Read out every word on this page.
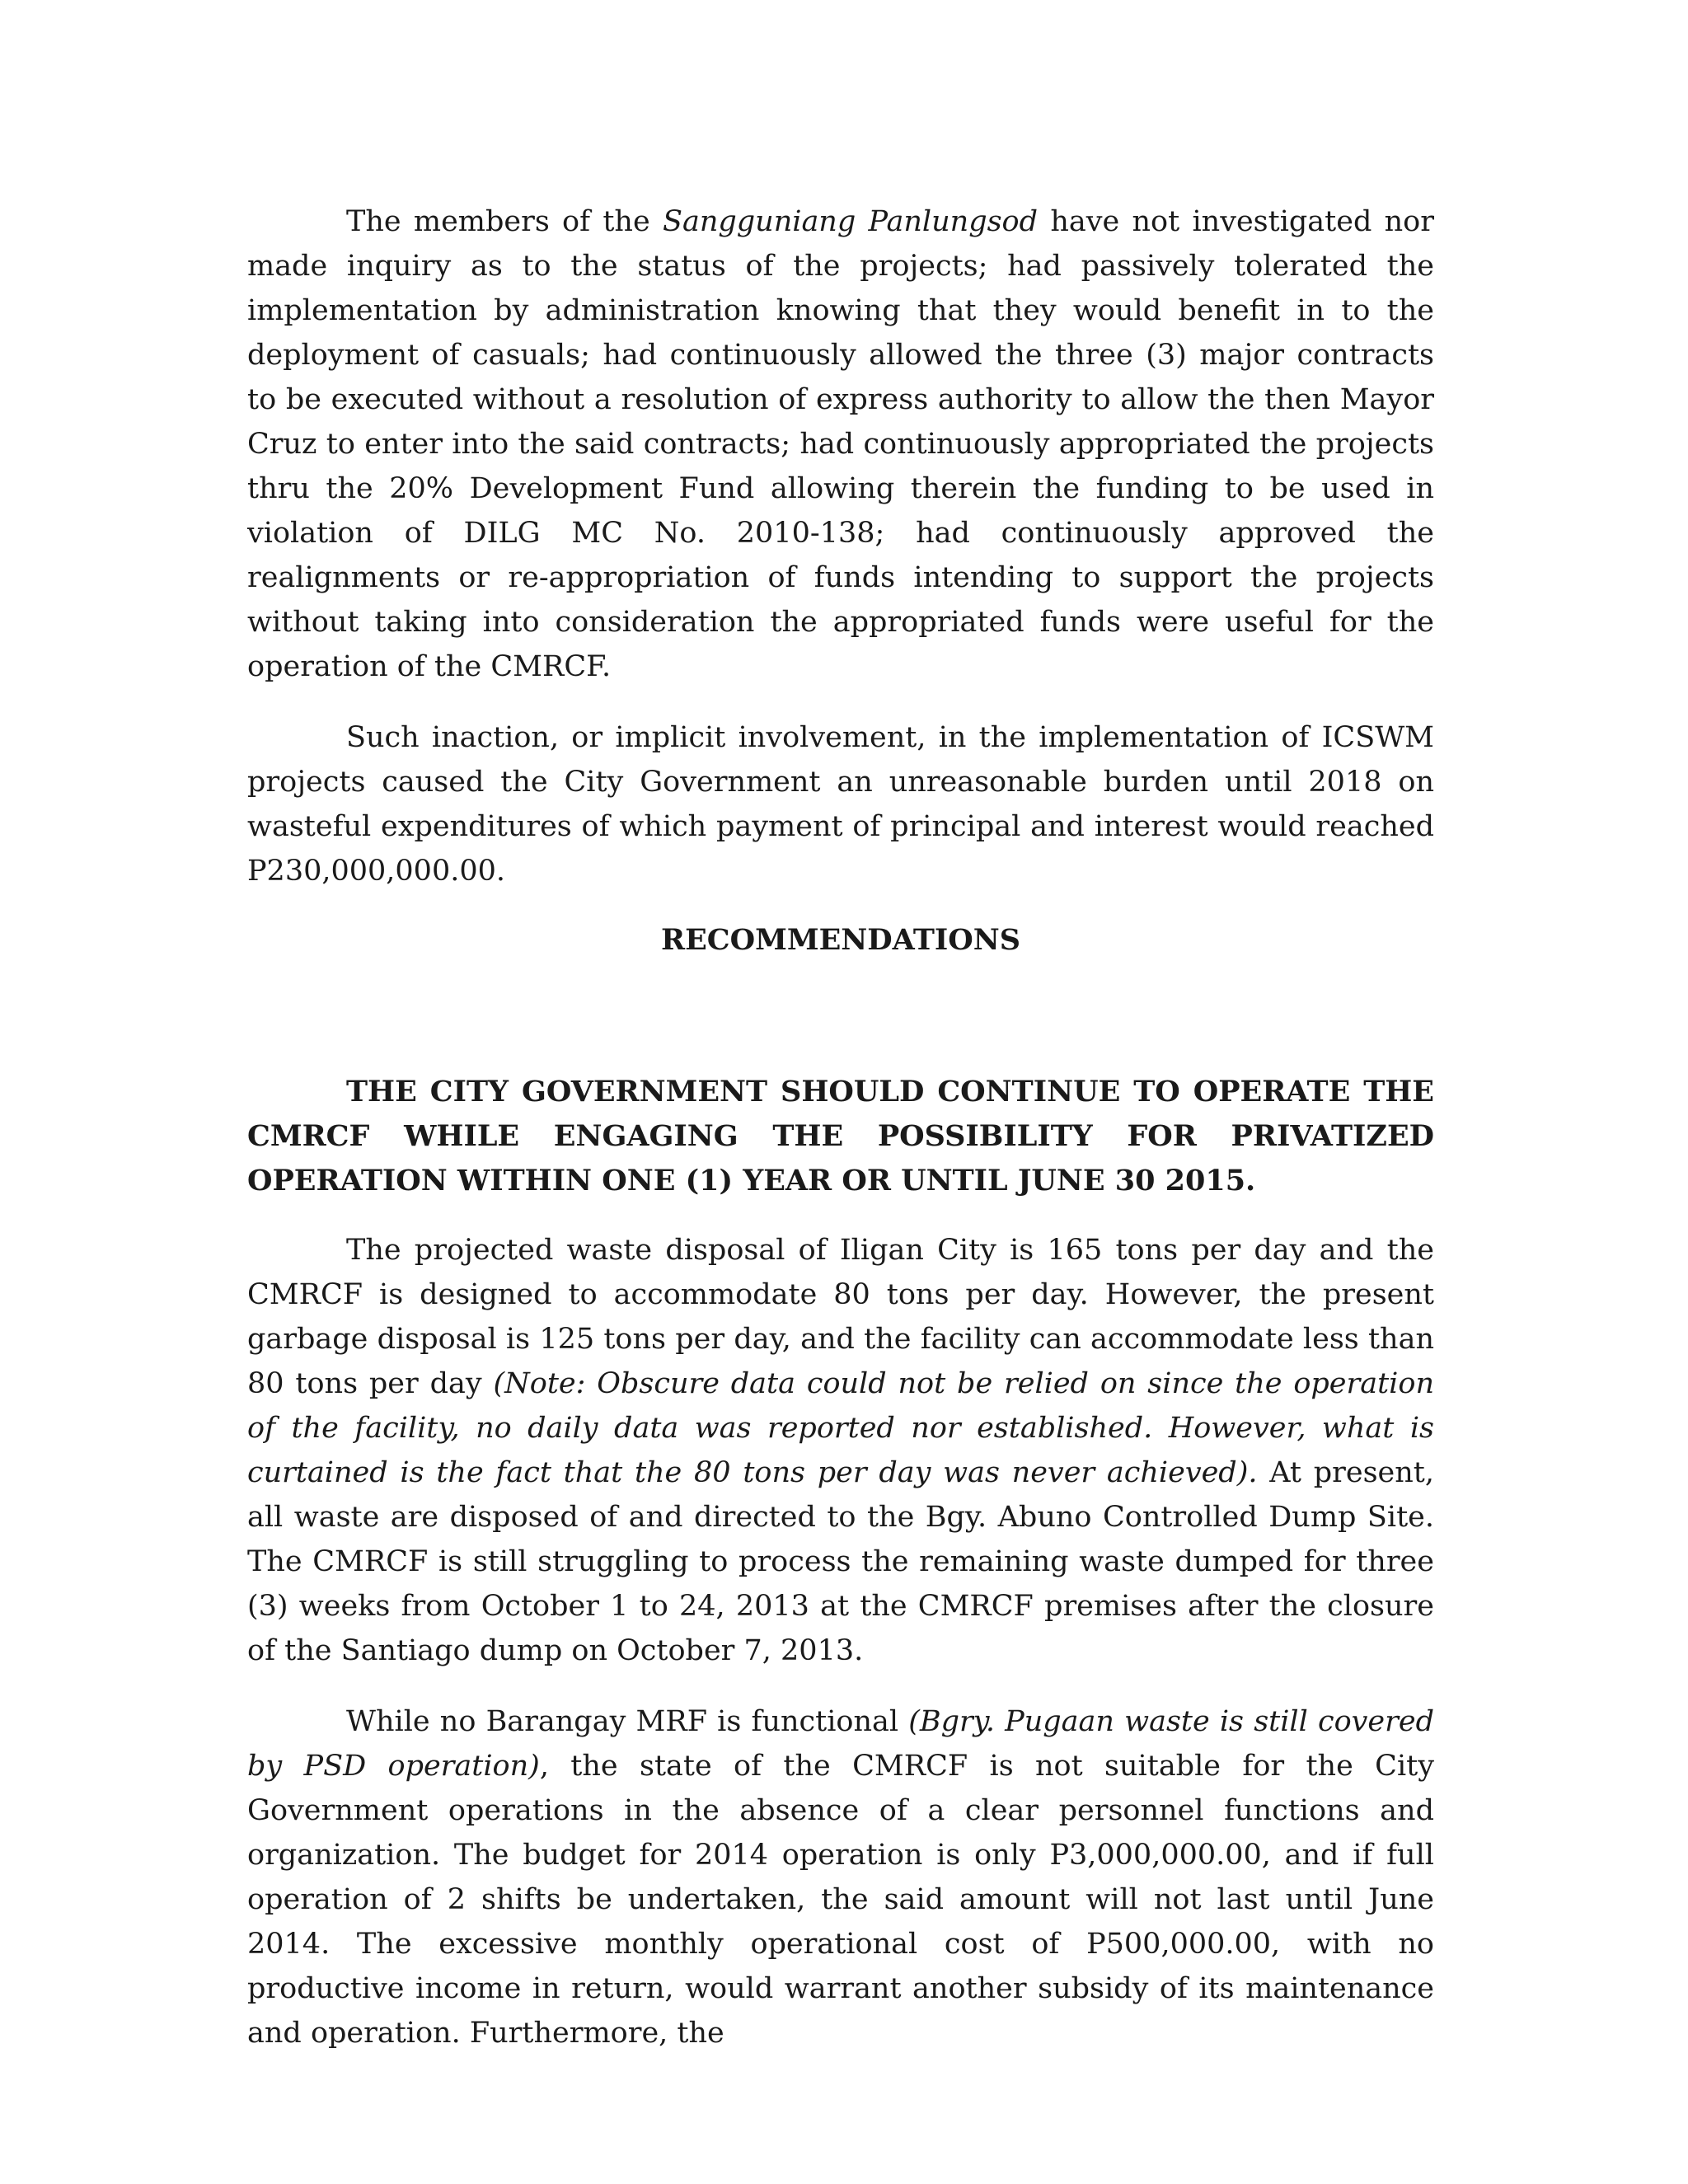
The members of the Sangguniang Panlungsod have not investigated nor made inquiry as to the status of the projects; had passively tolerated the implementation by administration knowing that they would benefit in to the deployment of casuals; had continuously allowed the three (3) major contracts to be executed without a resolution of express authority to allow the then Mayor Cruz to enter into the said contracts; had continuously appropriated the projects thru the 20% Development Fund allowing therein the funding to be used in violation of DILG MC No. 2010-138; had continuously approved the realignments or re-appropriation of funds intending to support the projects without taking into consideration the appropriated funds were useful for the operation of the CMRCF.

Such inaction, or implicit involvement, in the implementation of ICSWM projects caused the City Government an unreasonable burden until 2018 on wasteful expenditures of which payment of principal and interest would reached P230,000,000.00.

RECOMMENDATIONS

THE CITY GOVERNMENT SHOULD CONTINUE TO OPERATE THE CMRCF WHILE ENGAGING THE POSSIBILITY FOR PRIVATIZED OPERATION WITHIN ONE (1) YEAR OR UNTIL JUNE 30 2015.

The projected waste disposal of Iligan City is 165 tons per day and the CMRCF is designed to accommodate 80 tons per day. However, the present garbage disposal is 125 tons per day, and the facility can accommodate less than 80 tons per day (Note: Obscure data could not be relied on since the operation of the facility, no daily data was reported nor established. However, what is curtained is the fact that the 80 tons per day was never achieved). At present, all waste are disposed of and directed to the Bgy. Abuno Controlled Dump Site. The CMRCF is still struggling to process the remaining waste dumped for three (3) weeks from October 1 to 24, 2013 at the CMRCF premises after the closure of the Santiago dump on October 7, 2013.

While no Barangay MRF is functional (Bgry. Pugaan waste is still covered by PSD operation), the state of the CMRCF is not suitable for the City Government operations in the absence of a clear personnel functions and organization. The budget for 2014 operation is only P3,000,000.00, and if full operation of 2 shifts be undertaken, the said amount will not last until June 2014. The excessive monthly operational cost of P500,000.00, with no productive income in return, would warrant another subsidy of its maintenance and operation. Furthermore, the
